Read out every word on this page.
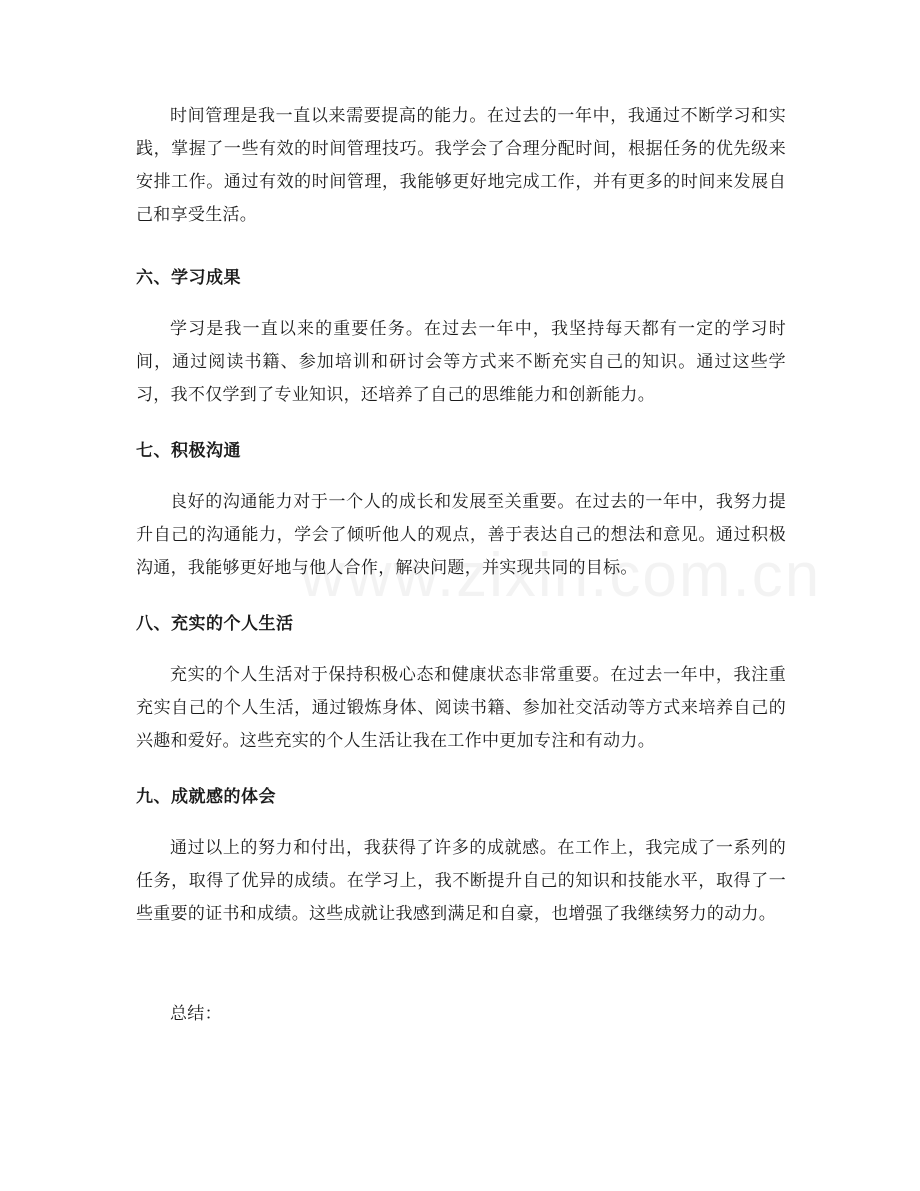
时间管理是我一直以来需要提高的能力。在过去的一年中，我通过不断学习和实践，掌握了一些有效的时间管理技巧。我学会了合理分配时间，根据任务的优先级来安排工作。通过有效的时间管理，我能够更好地完成工作，并有更多的时间来发展自己和享受生活。

六、学习成果

学习是我一直以来的重要任务。在过去一年中，我坚持每天都有一定的学习时间，通过阅读书籍、参加培训和研讨会等方式来不断充实自己的知识。通过这些学习，我不仅学到了专业知识，还培养了自己的思维能力和创新能力。

七、积极沟通

良好的沟通能力对于一个人的成长和发展至关重要。在过去的一年中，我努力提升自己的沟通能力，学会了倾听他人的观点，善于表达自己的想法和意见。通过积极沟通，我能够更好地与他人合作，解决问题，并实现共同的目标。

八、充实的个人生活

充实的个人生活对于保持积极心态和健康状态非常重要。在过去一年中，我注重充实自己的个人生活，通过锻炼身体、阅读书籍、参加社交活动等方式来培养自己的兴趣和爱好。这些充实的个人生活让我在工作中更加专注和有动力。

九、成就感的体会

通过以上的努力和付出，我获得了许多的成就感。在工作上，我完成了一系列的任务，取得了优异的成绩。在学习上，我不断提升自己的知识和技能水平，取得了一些重要的证书和成绩。这些成就让我感到满足和自豪，也增强了我继续努力的动力。

总结：
